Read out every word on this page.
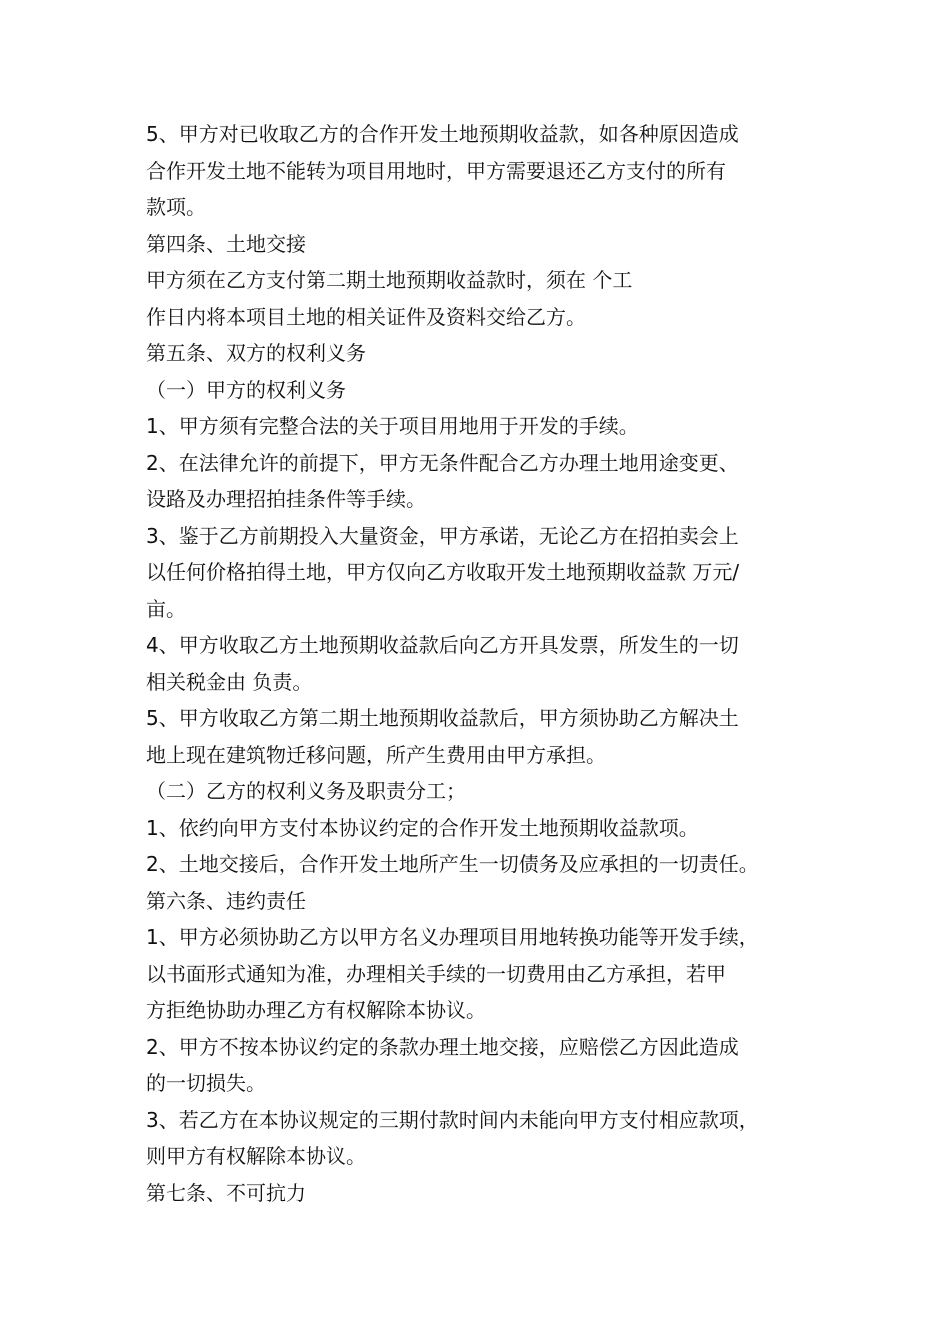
5、甲方对已收取乙方的合作开发土地预期收益款，如各种原因造成
合作开发土地不能转为项目用地时，甲方需要退还乙方支付的所有
款项。
第四条、土地交接
甲方须在乙方支付第二期土地预期收益款时，须在 个工
作日内将本项目土地的相关证件及资料交给乙方。
第五条、双方的权利义务
（一）甲方的权利义务
1、甲方须有完整合法的关于项目用地用于开发的手续。
2、在法律允许的前提下，甲方无条件配合乙方办理土地用途变更、
设路及办理招拍挂条件等手续。
3、鉴于乙方前期投入大量资金，甲方承诺，无论乙方在招拍卖会上
以任何价格拍得土地，甲方仅向乙方收取开发土地预期收益款 万元/
亩。
4、甲方收取乙方土地预期收益款后向乙方开具发票，所发生的一切
相关税金由 负责。
5、甲方收取乙方第二期土地预期收益款后，甲方须协助乙方解决土
地上现在建筑物迁移问题，所产生费用由甲方承担。
（二）乙方的权利义务及职责分工；
1、依约向甲方支付本协议约定的合作开发土地预期收益款项。
2、土地交接后，合作开发土地所产生一切债务及应承担的一切责任。
第六条、违约责任
1、甲方必须协助乙方以甲方名义办理项目用地转换功能等开发手续，
以书面形式通知为准，办理相关手续的一切费用由乙方承担，若甲
方拒绝协助办理乙方有权解除本协议。
2、甲方不按本协议约定的条款办理土地交接，应赔偿乙方因此造成
的一切损失。
3、若乙方在本协议规定的三期付款时间内未能向甲方支付相应款项，
则甲方有权解除本协议。
第七条、不可抗力
